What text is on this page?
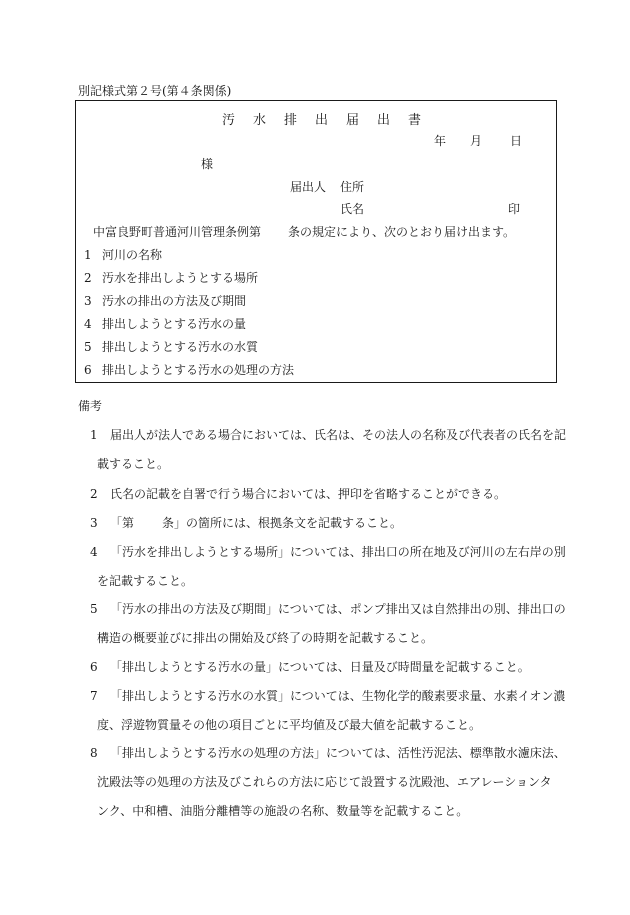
別記様式第２号(第４条関係)
汚 水 排 出 届 出 書
年 月 日
様
届出人 住所
氏名	印
中富良野町普通河川管理条例第 条の規定により、次のとおり届け出ます。
1 河川の名称
2 汚水を排出しようとする場所
3 汚水の排出の方法及び期間
4 排出しようとする汚水の量
5 排出しようとする汚水の水質
6 排出しようとする汚水の処理の方法
備考
1 届出人が法人である場合においては、氏名は、その法人の名称及び代表者の氏名を記
載すること。
2 氏名の記載を自署で行う場合においては、押印を省略することができる。
3 「第 条」の箇所には、根拠条文を記載すること。
4 「汚水を排出しようとする場所」については、排出口の所在地及び河川の左右岸の別
を記載すること。
5 「汚水の排出の方法及び期間」については、ポンプ排出又は自然排出の別、排出口の
構造の概要並びに排出の開始及び終了の時期を記載すること。
6 「排出しようとする汚水の量」については、日量及び時間量を記載すること。
7 「排出しようとする汚水の水質」については、生物化学的酸素要求量、水素イオン濃
度、浮遊物質量その他の項目ごとに平均値及び最大値を記載すること。
8 「排出しようとする汚水の処理の方法」については、活性汚泥法、標準散水濾床法、
沈殿法等の処理の方法及びこれらの方法に応じて設置する沈殿池、エアレーションタ
ンク、中和槽、油脂分離槽等の施設の名称、数量等を記載すること。
